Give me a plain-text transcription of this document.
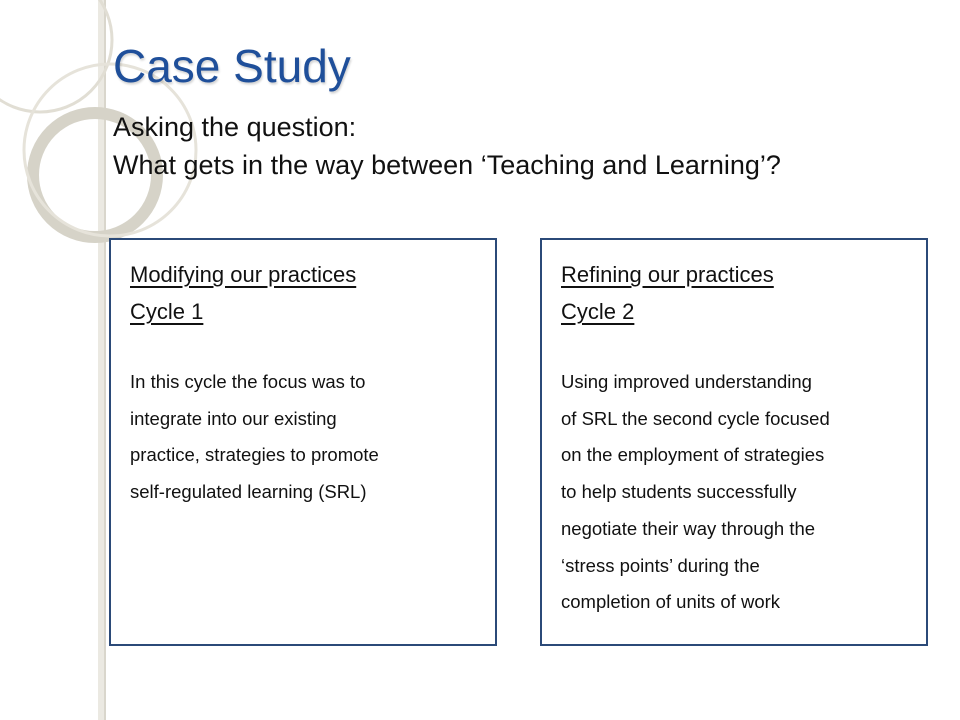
Case Study
Asking the question:
What gets in the way between ‘Teaching and Learning’?
Modifying our practices
Cycle 1
In this cycle the focus was to
integrate into our existing
practice, strategies to promote
self-regulated learning (SRL)
Refining our practices
Cycle 2
Using improved understanding
of SRL the second cycle focused
on the employment of strategies
to help students successfully
negotiate their way through the
‘stress points’ during the
completion of units of work
